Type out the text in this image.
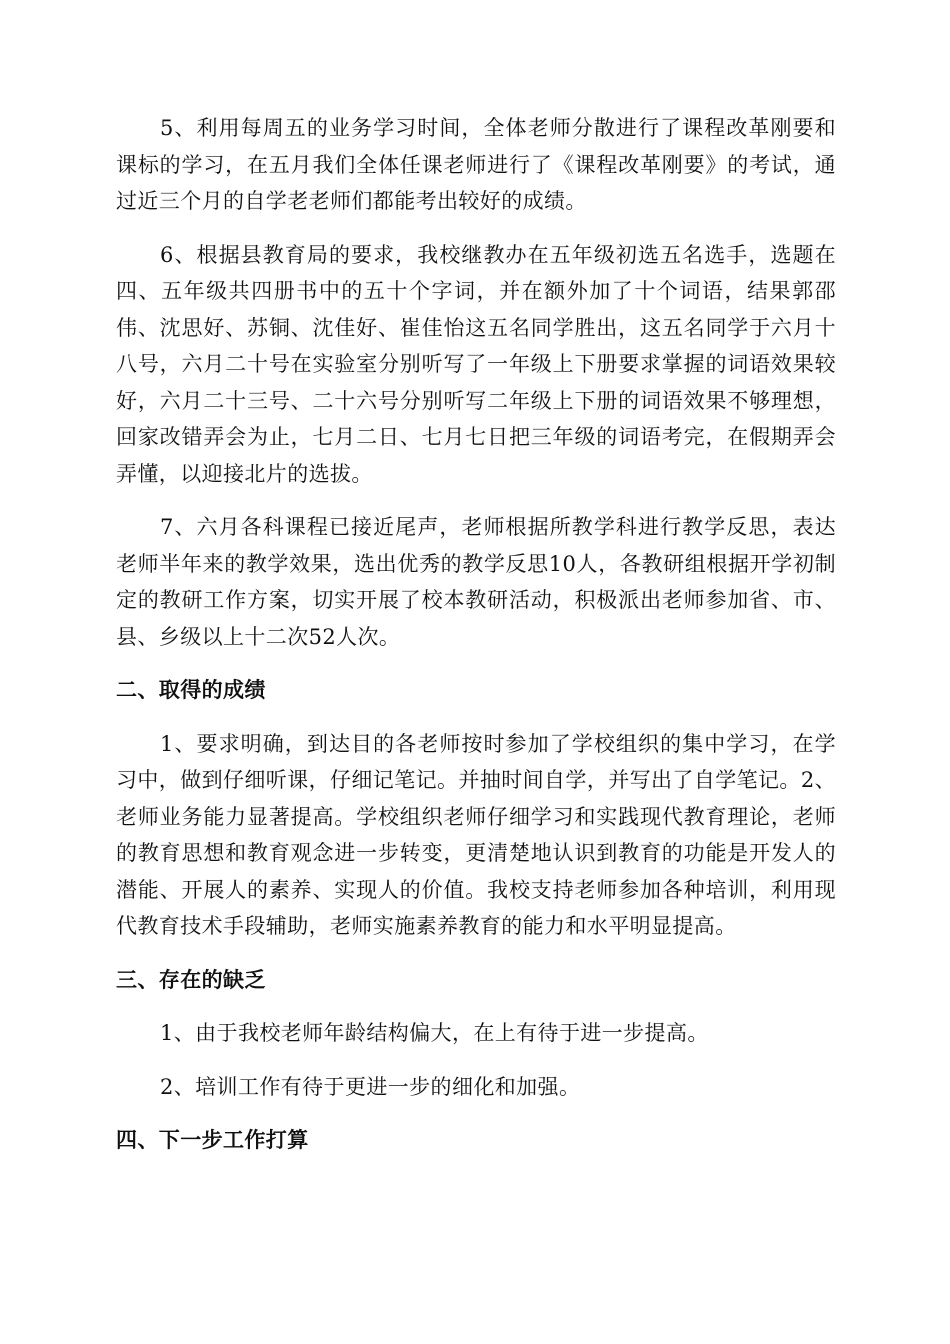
5、利用每周五的业务学习时间，全体老师分散进行了课程改革刚要和课标的学习，在五月我们全体任课老师进行了《课程改革刚要》的考试，通过近三个月的自学老老师们都能考出较好的成绩。

6、根据县教育局的要求，我校继教办在五年级初选五名选手，选题在四、五年级共四册书中的五十个字词，并在额外加了十个词语，结果郭邵伟、沈思好、苏铜、沈佳好、崔佳怡这五名同学胜出，这五名同学于六月十八号，六月二十号在实验室分别听写了一年级上下册要求掌握的词语效果较好，六月二十三号、二十六号分别听写二年级上下册的词语效果不够理想，回家改错弄会为止，七月二日、七月七日把三年级的词语考完，在假期弄会弄懂，以迎接北片的选拔。

7、六月各科课程已接近尾声，老师根据所教学科进行教学反思，表达老师半年来的教学效果，选出优秀的教学反思10人，各教研组根据开学初制定的教研工作方案，切实开展了校本教研活动，积极派出老师参加省、市、县、乡级以上十二次52人次。

二、取得的成绩

1、要求明确，到达目的各老师按时参加了学校组织的集中学习，在学习中，做到仔细听课，仔细记笔记。并抽时间自学，并写出了自学笔记。2、老师业务能力显著提高。学校组织老师仔细学习和实践现代教育理论，老师的教育思想和教育观念进一步转变，更清楚地认识到教育的功能是开发人的潜能、开展人的素养、实现人的价值。我校支持老师参加各种培训，利用现代教育技术手段辅助，老师实施素养教育的能力和水平明显提高。

三、存在的缺乏

1、由于我校老师年龄结构偏大，在上有待于进一步提高。

2、培训工作有待于更进一步的细化和加强。

四、下一步工作打算
